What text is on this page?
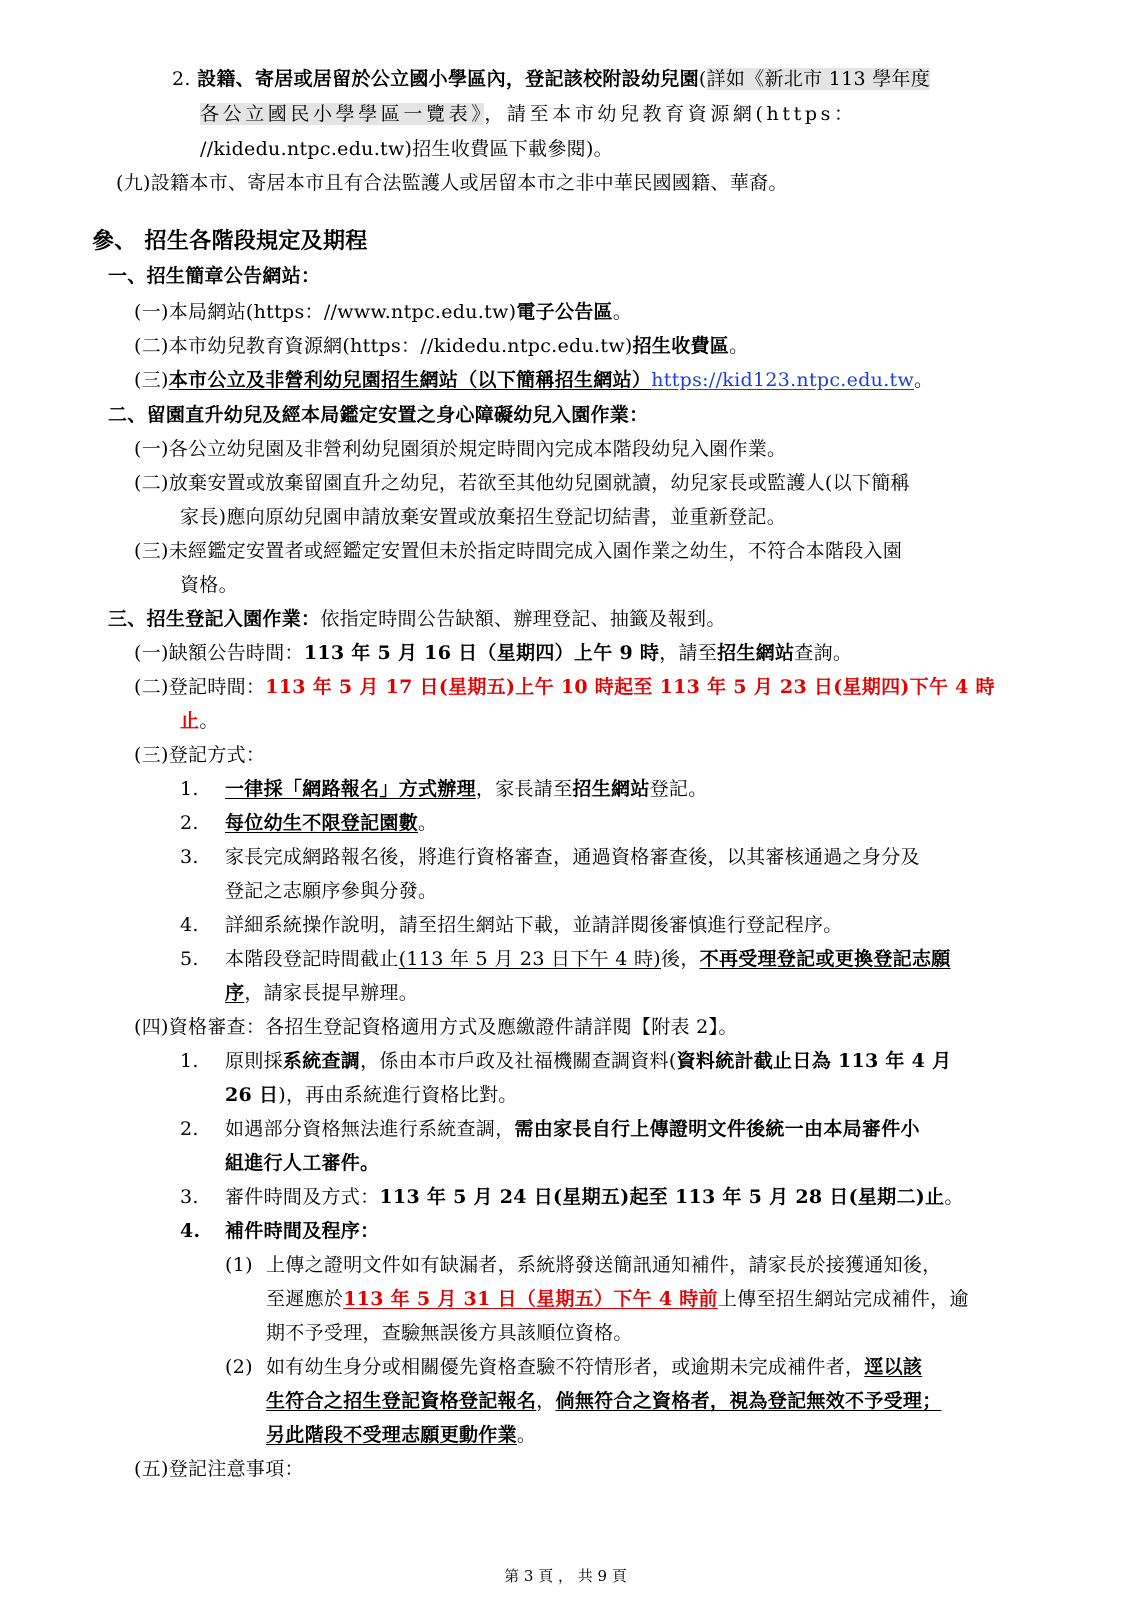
2. 設籍、寄居或居留於公立國小學區內，登記該校附設幼兒園(詳如《新北市 113 學年度
各公立國民小學學區一覽表》，請至本市幼兒教育資源網(https：
//kidedu.ntpc.edu.tw)招生收費區下載參閱)。
(九)設籍本市、寄居本市且有合法監護人或居留本市之非中華民國國籍、華裔。
參、 招生各階段規定及期程
一、招生簡章公告網站：
(一)本局網站(https：//www.ntpc.edu.tw)電子公告區。
(二)本市幼兒教育資源網(https：//kidedu.ntpc.edu.tw)招生收費區。
(三)本市公立及非營利幼兒園招生網站（以下簡稱招生網站）https://kid123.ntpc.edu.tw。
二、留園直升幼兒及經本局鑑定安置之身心障礙幼兒入園作業：
(一)各公立幼兒園及非營利幼兒園須於規定時間內完成本階段幼兒入園作業。
(二)放棄安置或放棄留園直升之幼兒，若欲至其他幼兒園就讀，幼兒家長或監護人(以下簡稱
家長)應向原幼兒園申請放棄安置或放棄招生登記切結書，並重新登記。
(三)未經鑑定安置者或經鑑定安置但未於指定時間完成入園作業之幼生，不符合本階段入園
資格。
三、招生登記入園作業：依指定時間公告缺額、辦理登記、抽籤及報到。
(一)缺額公告時間：113 年 5 月 16 日（星期四）上午 9 時，請至招生網站查詢。
(二)登記時間：113 年 5 月 17 日(星期五)上午 10 時起至 113 年 5 月 23 日(星期四)下午 4 時
止。
(三)登記方式：
1. 一律採「網路報名」方式辦理，家長請至招生網站登記。
2. 每位幼生不限登記園數。
3. 家長完成網路報名後，將進行資格審查，通過資格審查後，以其審核通過之身分及
登記之志願序參與分發。
4. 詳細系統操作說明，請至招生網站下載，並請詳閱後審慎進行登記程序。
5. 本階段登記時間截止(113 年 5 月 23 日下午 4 時)後，不再受理登記或更換登記志願
序，請家長提早辦理。
(四)資格審查：各招生登記資格適用方式及應繳證件請詳閱【附表 2】。
1. 原則採系統查調，係由本市戶政及社福機關查調資料(資料統計截止日為 113 年 4 月
26 日)，再由系統進行資格比對。
2. 如遇部分資格無法進行系統查調，需由家長自行上傳證明文件後統一由本局審件小
組進行人工審件。
3. 審件時間及方式：113 年 5 月 24 日(星期五)起至 113 年 5 月 28 日(星期二)止。
4. 補件時間及程序：
(1) 上傳之證明文件如有缺漏者，系統將發送簡訊通知補件，請家長於接獲通知後，
至遲應於113 年 5 月 31 日（星期五）下午 4 時前上傳至招生網站完成補件，逾
期不予受理，查驗無誤後方具該順位資格。
(2) 如有幼生身分或相關優先資格查驗不符情形者，或逾期未完成補件者，逕以該
生符合之招生登記資格登記報名，倘無符合之資格者，視為登記無效不予受理；
另此階段不受理志願更動作業。
(五)登記注意事項：
第 3 頁 ， 共 9 頁
